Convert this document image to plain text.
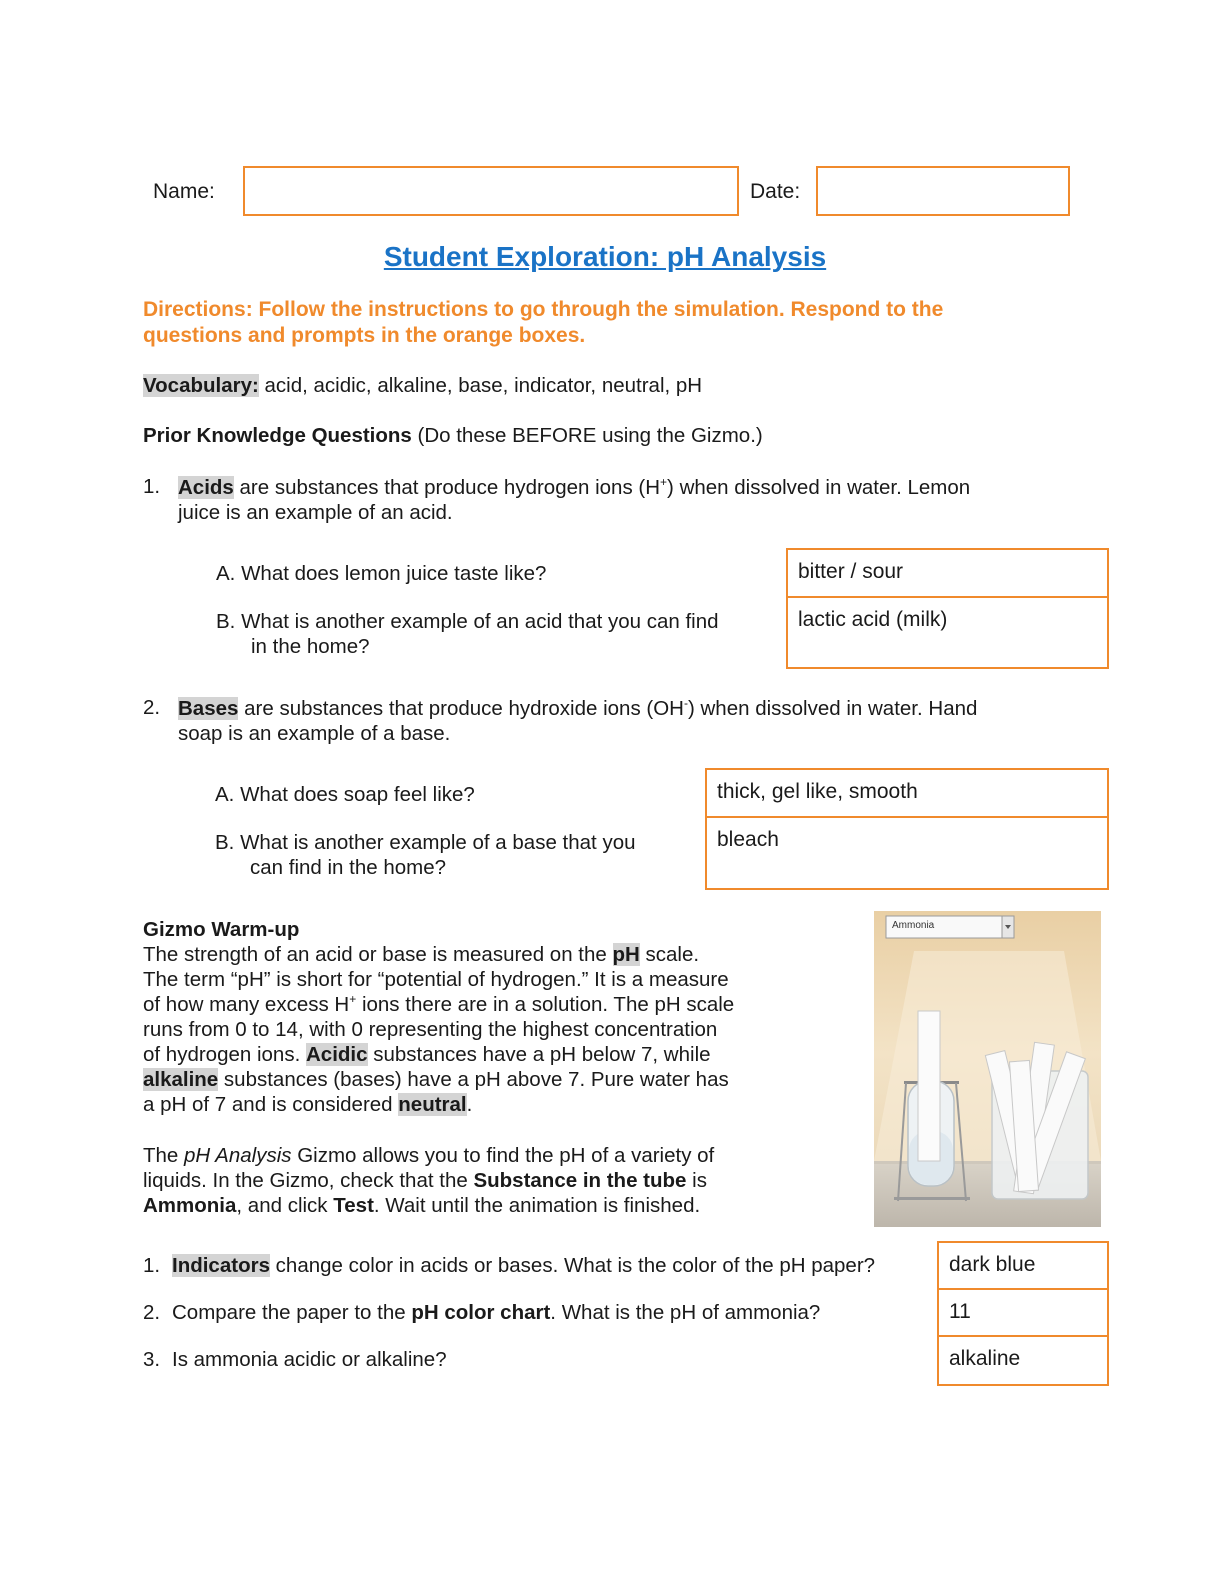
Name:	Date:
Student Exploration: pH Analysis
Directions: Follow the instructions to go through the simulation. Respond to the
questions and prompts in the orange boxes.
Vocabulary: acid, acidic, alkaline, base, indicator, neutral, pH
Prior Knowledge Questions (Do these BEFORE using the Gizmo.)
1. Acids are substances that produce hydrogen ions (H+) when dissolved in water. Lemon
juice is an example of an acid.
A. What does lemon juice taste like?
B. What is another example of an acid that you can find
in the home?
bitter / sour
lactic acid (milk)
2. Bases are substances that produce hydroxide ions (OH-) when dissolved in water. Hand
soap is an example of a base.
A. What does soap feel like?
B. What is another example of a base that you
can find in the home?
thick, gel like, smooth
bleach
Gizmo Warm-up
The strength of an acid or base is measured on the pH scale.
The term “pH” is short for “potential of hydrogen.” It is a measure
of how many excess H+ ions there are in a solution. The pH scale
runs from 0 to 14, with 0 representing the highest concentration
of hydrogen ions. Acidic substances have a pH below 7, while
alkaline substances (bases) have a pH above 7. Pure water has
a pH of 7 and is considered neutral.
The pH Analysis Gizmo allows you to find the pH of a variety of
liquids. In the Gizmo, check that the Substance in the tube is
Ammonia, and click Test. Wait until the animation is finished.
Ammonia
1. Indicators change color in acids or bases. What is the color of the pH paper?
2. Compare the paper to the pH color chart. What is the pH of ammonia?
3. Is ammonia acidic or alkaline?
dark blue
11
alkaline
